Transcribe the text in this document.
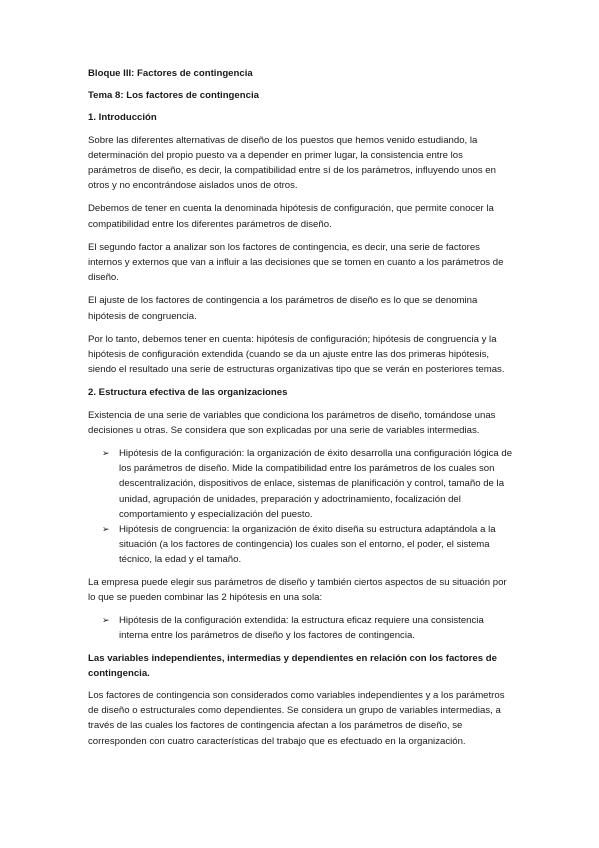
Bloque III: Factores de contingencia
Tema 8: Los factores de contingencia
1. Introducción

Sobre las diferentes alternativas de diseño de los puestos que hemos venido estudiando, la determinación del propio puesto va a depender en primer lugar, la consistencia entre los parámetros de diseño, es decir, la compatibilidad entre sí de los parámetros, influyendo unos en otros y no encontrándose aislados unos de otros.

Debemos de tener en cuenta la denominada hipótesis de configuración, que permite conocer la compatibilidad entre los diferentes parámetros de diseño.

El segundo factor a analizar son los factores de contingencia, es decir, una serie de factores internos y externos que van a influir a las decisiones que se tomen en cuanto a los parámetros de diseño.

El ajuste de los factores de contingencia a los parámetros de diseño es lo que se denomina hipótesis de congruencia.

Por lo tanto, debemos tener en cuenta: hipótesis de configuración; hipótesis de congruencia y la hipótesis de configuración extendida (cuando se da un ajuste entre las dos primeras hipótesis, siendo el resultado una serie de estructuras organizativas tipo que se verán en posteriores temas.

2. Estructura efectiva de las organizaciones

Existencia de una serie de variables que condiciona los parámetros de diseño, tomándose unas decisiones u otras. Se considera que son explicadas por una serie de variables intermedias.

➢ Hipótesis de la configuración: la organización de éxito desarrolla una configuración lógica de los parámetros de diseño. Mide la compatibilidad entre los parámetros de los cuales son descentralización, dispositivos de enlace, sistemas de planificación y control, tamaño de la unidad, agrupación de unidades, preparación y adoctrinamiento, focalización del comportamiento y especialización del puesto.
➢ Hipótesis de congruencia: la organización de éxito diseña su estructura adaptándola a la situación (a los factores de contingencia) los cuales son el entorno, el poder, el sistema técnico, la edad y el tamaño.

La empresa puede elegir sus parámetros de diseño y también ciertos aspectos de su situación por lo que se pueden combinar las 2 hipótesis en una sola:

➢ Hipótesis de la configuración extendida: la estructura eficaz requiere una consistencia interna entre los parámetros de diseño y los factores de contingencia.
Las variables independientes, intermedias y dependientes en relación con los factores de contingencia.

Los factores de contingencia son considerados como variables independientes y a los parámetros de diseño o estructurales como dependientes. Se considera un grupo de variables intermedias, a través de las cuales los factores de contingencia afectan a los parámetros de diseño, se corresponden con cuatro características del trabajo que es efectuado en la organización.
